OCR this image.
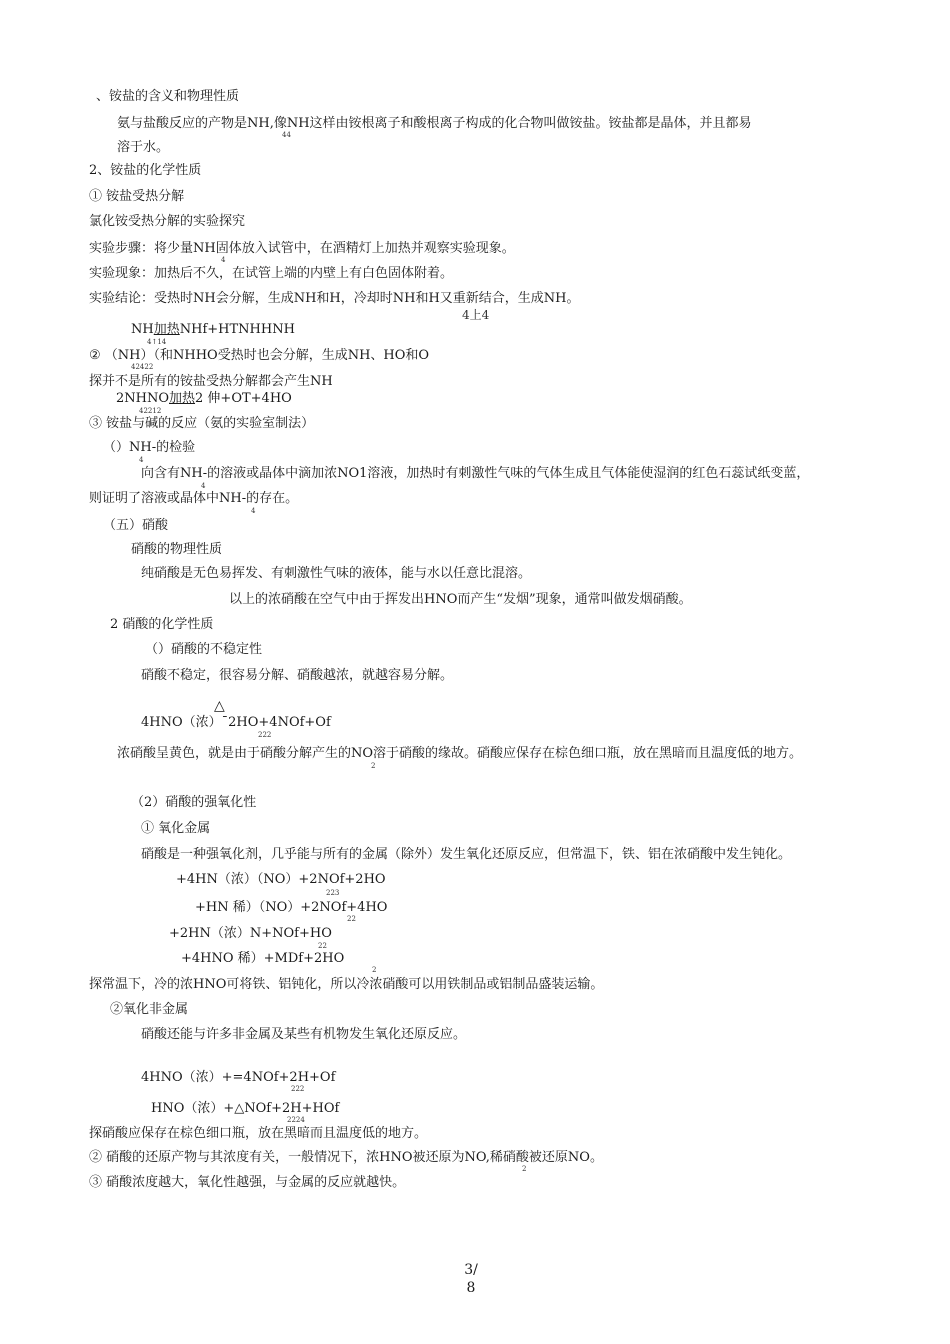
、铵盐的含义和物理性质
氨与盐酸反应的产物是NH,像NH这样由铵根离子和酸根离子构成的化合物叫做铵盐。铵盐都是晶体，并且都易
44
溶于水。
2、铵盐的化学性质
① 铵盐受热分解
氯化铵受热分解的实验探究
实验步骤：将少量NH固体放入试管中，在酒精灯上加热并观察实验现象。
4
实验现象：加热后不久，在试管上端的内壁上有白色固体附着。
实验结论：受热时NH会分解，生成NH和H，冷却时NH和H又重新结合，生成NH。
4上4
NH加热NHf+HTNHHNH
4↑14
② （NH）（和NHHO受热时也会分解，生成NH、HO和O
42422
探并不是所有的铵盐受热分解都会产生NH
2NHNO加热2 伸+OT+4HO
42212
③ 铵盐与碱的反应（氨的实验室制法）
（）NH-的检验
4
向含有NH-的溶液或晶体中滴加浓NO1溶液，加热时有刺激性气味的气体生成且气体能使湿润的红色石蕊试纸变蓝，
4
则证明了溶液或晶体中NH-的存在。
4
（五）硝酸
硝酸的物理性质
纯硝酸是无色易挥发、有刺激性气味的液体，能与水以任意比混溶。
以上的浓硝酸在空气中由于挥发出HNO而产生“发烟”现象，通常叫做发烟硝酸。
2 硝酸的化学性质
（）硝酸的不稳定性
硝酸不稳定，很容易分解、硝酸越浓，就越容易分解。
△
4HNO（浓）ˉ2HO+4NOf+Of
222
浓硝酸呈黄色，就是由于硝酸分解产生的NO溶于硝酸的缘故。硝酸应保存在棕色细口瓶，放在黑暗而且温度低的地方。
2
（2）硝酸的强氧化性
① 氧化金属
硝酸是一种强氧化剂，几乎能与所有的金属（除外）发生氧化还原反应，但常温下，铁、铝在浓硝酸中发生钝化。
+4HN（浓）（NO）+2NOf+2HO
223
+HN 稀）（NO）+2NOf+4HO
22
+2HN（浓）N+NOf+HO
22
+4HNO 稀）+MDf+2HO
2
探常温下，冷的浓HNO可将铁、铝钝化，所以冷浓硝酸可以用铁制品或铝制品盛装运输。
②氧化非金属
硝酸还能与许多非金属及某些有机物发生氧化还原反应。
4HNO（浓）+=4NOf+2H+Of
222
HNO（浓）+△NOf+2H+HOf
2224
探硝酸应保存在棕色细口瓶，放在黑暗而且温度低的地方。
② 硝酸的还原产物与其浓度有关，一般情况下，浓HNO被还原为NO,稀硝酸被还原NO。
2
③ 硝酸浓度越大，氧化性越强，与金属的反应就越快。
3/
8
